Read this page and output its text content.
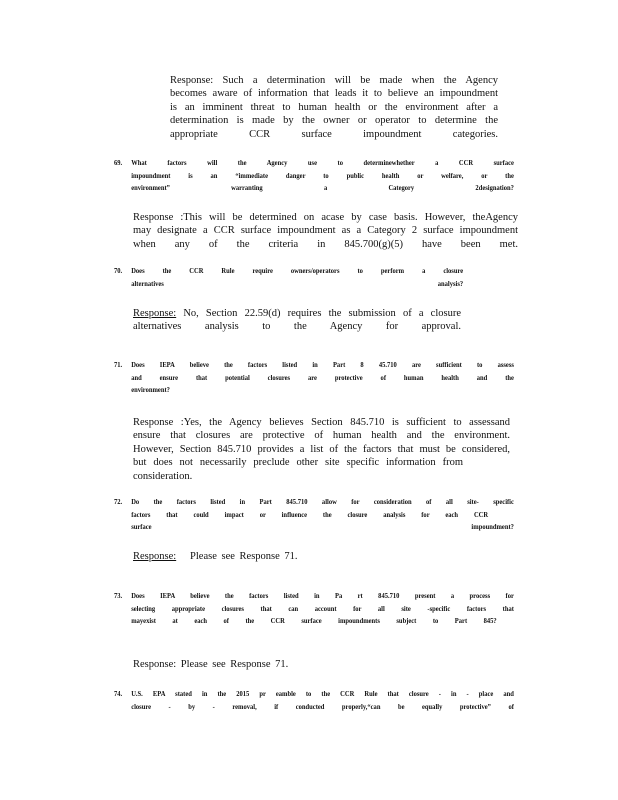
Response: Such a determination will be made when the Agency
becomes aware of information that leads it to believe an impoundment
is an imminent threat to human health or the environment after a
determination is made by the owner or operator to determine the
appropriate CCR surface impoundment categories.
69. What factors will the Agency use to determinewhether a CCR surface
impoundment is an “immediate danger to public health or welfare, or the
environment” warranting a Category 2designation?
Response :This will be determined on acase by case basis. However, theAgency
may designate a CCR surface impoundment as a Category 2 surface impoundment
when any of the criteria in 845.700(g)(5) have been met.
70. Does the CCR Rule require owners/operators to perform a closure
alternatives analysis?
Response: No, Section 22.59(d) requires the submission of a closure
alternatives analysis to the Agency for approval.
71. Does IEPA believe the factors listed in Part 8 45.710 are sufficient to assess
and ensure that potential closures are protective of human health and the
environment?
Response :Yes, the Agency believes Section 845.710 is sufficient to assessand
ensure that closures are protective of human health and the environment.
However, Section 845.710 provides a list of the factors that must be considered,
but does not necessarily preclude other site specific information from
consideration.
72. Do the factors listed in Part 845.710 allow for consideration of all site- specific
factors that could impact or influence the closure analysis for each CCR
surface impoundment?
Response: Please see Response 71.
73. Does IEPA believe the factors listed in Pa rt 845.710 present a process for
selecting appropriate closures that can account for all site -specific factors that
mayexist at each of the CCR surface impoundments subject to Part 845?
Response: Please see Response 71.
74. U.S. EPA stated in the 2015 pr eamble to the CCR Rule that closure - in - place and
closure - by - removal, if conducted properly,“can be equally protective” of
